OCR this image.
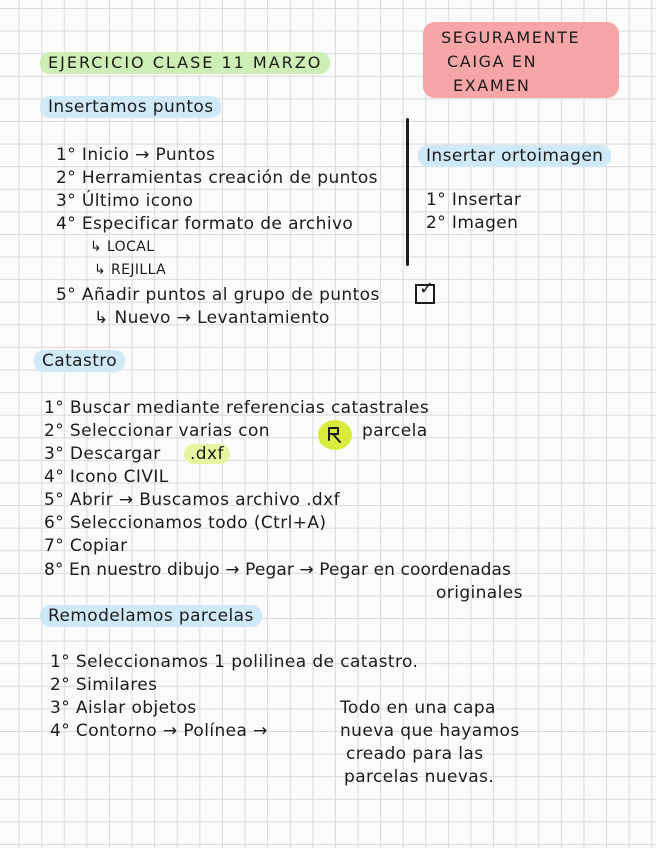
EJERCICIO CLASE 11 MARZO
SEGURAMENTE
CAIGA EN
EXAMEN
Insertamos puntos
1° Inicio → Puntos
2° Herramientas creación de puntos
3° Último icono
4° Especificar formato de archivo
↳ LOCAL
↳ REJILLA
5° Añadir puntos al grupo de puntos ✓
↳ Nuevo → Levantamiento
Insertar ortoimagen
1° Insertar
2° Imagen
Catastro
1° Buscar mediante referencias catastrales
2° Seleccionar varias con	parcela
3° Descargar	.dxf
4° Icono CIVIL
5° Abrir → Buscamos archivo .dxf
6° Seleccionamos todo (Ctrl+A)
7° Copiar
8° En nuestro dibujo → Pegar → Pegar en coordenadas
originales
Remodelamos parcelas
1° Seleccionamos 1 polilinea de catastro.
2° Similares
3° Aislar objetos
4° Contorno → Polínea →
Todo en una capa
nueva que hayamos
creado para las
parcelas nuevas.
